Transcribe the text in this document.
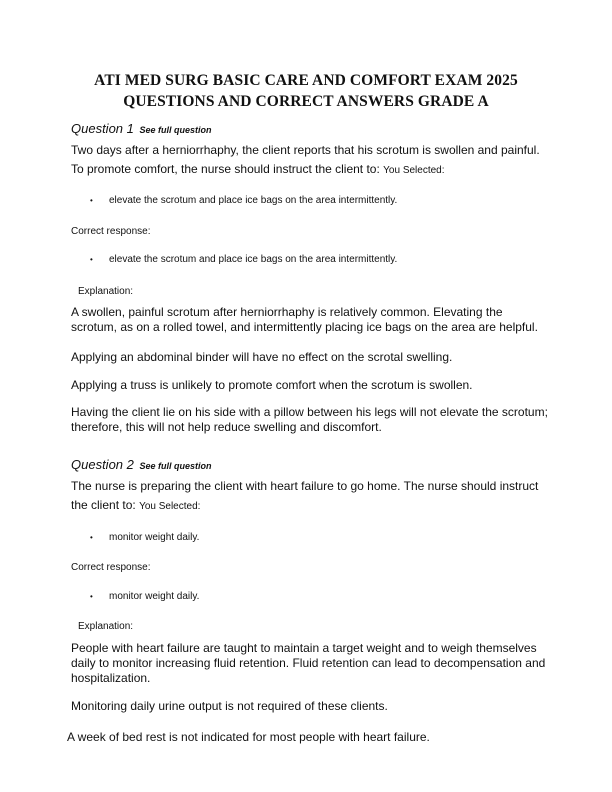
ATI MED SURG BASIC CARE AND COMFORT EXAM 2025
QUESTIONS AND CORRECT ANSWERS GRADE A
Question 1 See full question
Two days after a herniorrhaphy, the client reports that his scrotum is swollen and painful. To promote comfort, the nurse should instruct the client to: You Selected:
• elevate the scrotum and place ice bags on the area intermittently.
Correct response:
• elevate the scrotum and place ice bags on the area intermittently.
Explanation:
A swollen, painful scrotum after herniorrhaphy is relatively common. Elevating the scrotum, as on a rolled towel, and intermittently placing ice bags on the area are helpful.
Applying an abdominal binder will have no effect on the scrotal swelling.
Applying a truss is unlikely to promote comfort when the scrotum is swollen.
Having the client lie on his side with a pillow between his legs will not elevate the scrotum; therefore, this will not help reduce swelling and discomfort.
Question 2 See full question
The nurse is preparing the client with heart failure to go home. The nurse should instruct the client to: You Selected:
• monitor weight daily.
Correct response:
• monitor weight daily.
Explanation:
People with heart failure are taught to maintain a target weight and to weigh themselves daily to monitor increasing fluid retention. Fluid retention can lead to decompensation and hospitalization.
Monitoring daily urine output is not required of these clients.
A week of bed rest is not indicated for most people with heart failure.
